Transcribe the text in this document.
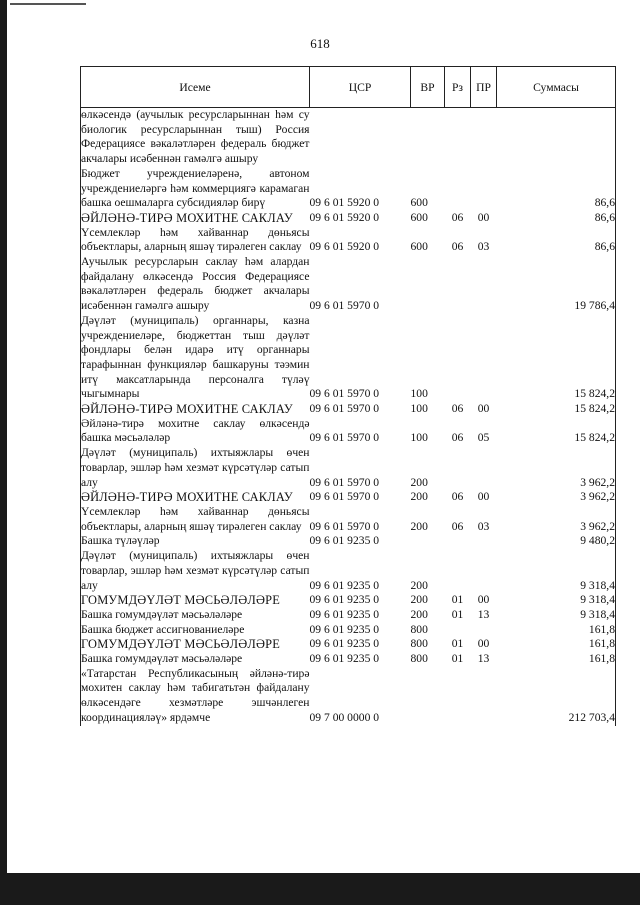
618
Исеме	ЦСР	ВР	Рз	ПР	Суммасы
өлкәсендә (аучылык ресурсларыннан һәм су биологик ресурсларыннан тыш) Россия Федерациясе вәкаләтләрен федераль бюджет акчалары исәбеннән гамәлгә ашыру					
Бюджет учреждениеләренә, автоном учреждениеләргә һәм коммерциягә карамаган башка оешмаларга субсидияләр бирү	09 6 01 5920 0	600			86,6
ӘЙЛӘНӘ-ТИРӘ МОХИТНЕ САКЛАУ	09 6 01 5920 0	600	06	00	86,6
Үсемлекләр һәм хайваннар дөньясы объектлары, аларның яшәү тирәлеген саклау	09 6 01 5920 0	600	06	03	86,6
Аучылык ресурсларын саклау һәм алардан файдалану өлкәсендә Россия Федерациясе вәкаләтләрен федераль бюджет акчалары исәбеннән гамәлгә ашыру	09 6 01 5970 0				19 786,4
Дәүләт (муниципаль) органнары, казна учреждениеләре, бюджеттан тыш дәүләт фондлары белән идарә итү органнары тарафыннан функцияләр башкаруны тәэмин итү максатларында персоналга түләү чыгымнары	09 6 01 5970 0	100			15 824,2
ӘЙЛӘНӘ-ТИРӘ МОХИТНЕ САКЛАУ	09 6 01 5970 0	100	06	00	15 824,2
Әйләнә-тирә мохитне саклау өлкәсендә башка мәсьәләләр	09 6 01 5970 0	100	06	05	15 824,2
Дәүләт (муниципаль) ихтыяжлары өчен товарлар, эшләр һәм хезмәт күрсәтүләр сатып алу	09 6 01 5970 0	200			3 962,2
ӘЙЛӘНӘ-ТИРӘ МОХИТНЕ САКЛАУ	09 6 01 5970 0	200	06	00	3 962,2
Үсемлекләр һәм хайваннар дөньясы объектлары, аларның яшәү тирәлеген саклау	09 6 01 5970 0	200	06	03	3 962,2
Башка түләүләр	09 6 01 9235 0				9 480,2
Дәүләт (муниципаль) ихтыяжлары өчен товарлар, эшләр һәм хезмәт күрсәтүләр сатып алу	09 6 01 9235 0	200			9 318,4
ГОМУМДӘҮЛӘТ МӘСЬӘЛӘЛӘРЕ	09 6 01 9235 0	200	01	00	9 318,4
Башка гомумдәүләт мәсьәләләре	09 6 01 9235 0	200	01	13	9 318,4
Башка бюджет ассигнованиеләре	09 6 01 9235 0	800			161,8
ГОМУМДӘҮЛӘТ МӘСЬӘЛӘЛӘРЕ	09 6 01 9235 0	800	01	00	161,8
Башка гомумдәүләт мәсьәләләре	09 6 01 9235 0	800	01	13	161,8
«Татарстан Республикасының әйләнә-тирә мохитен саклау һәм табигатьтән файдалану өлкәсендәге хезмәтләре эшчәнлеген координацияләү» ярдәмче	09 7 00 0000 0				212 703,4
